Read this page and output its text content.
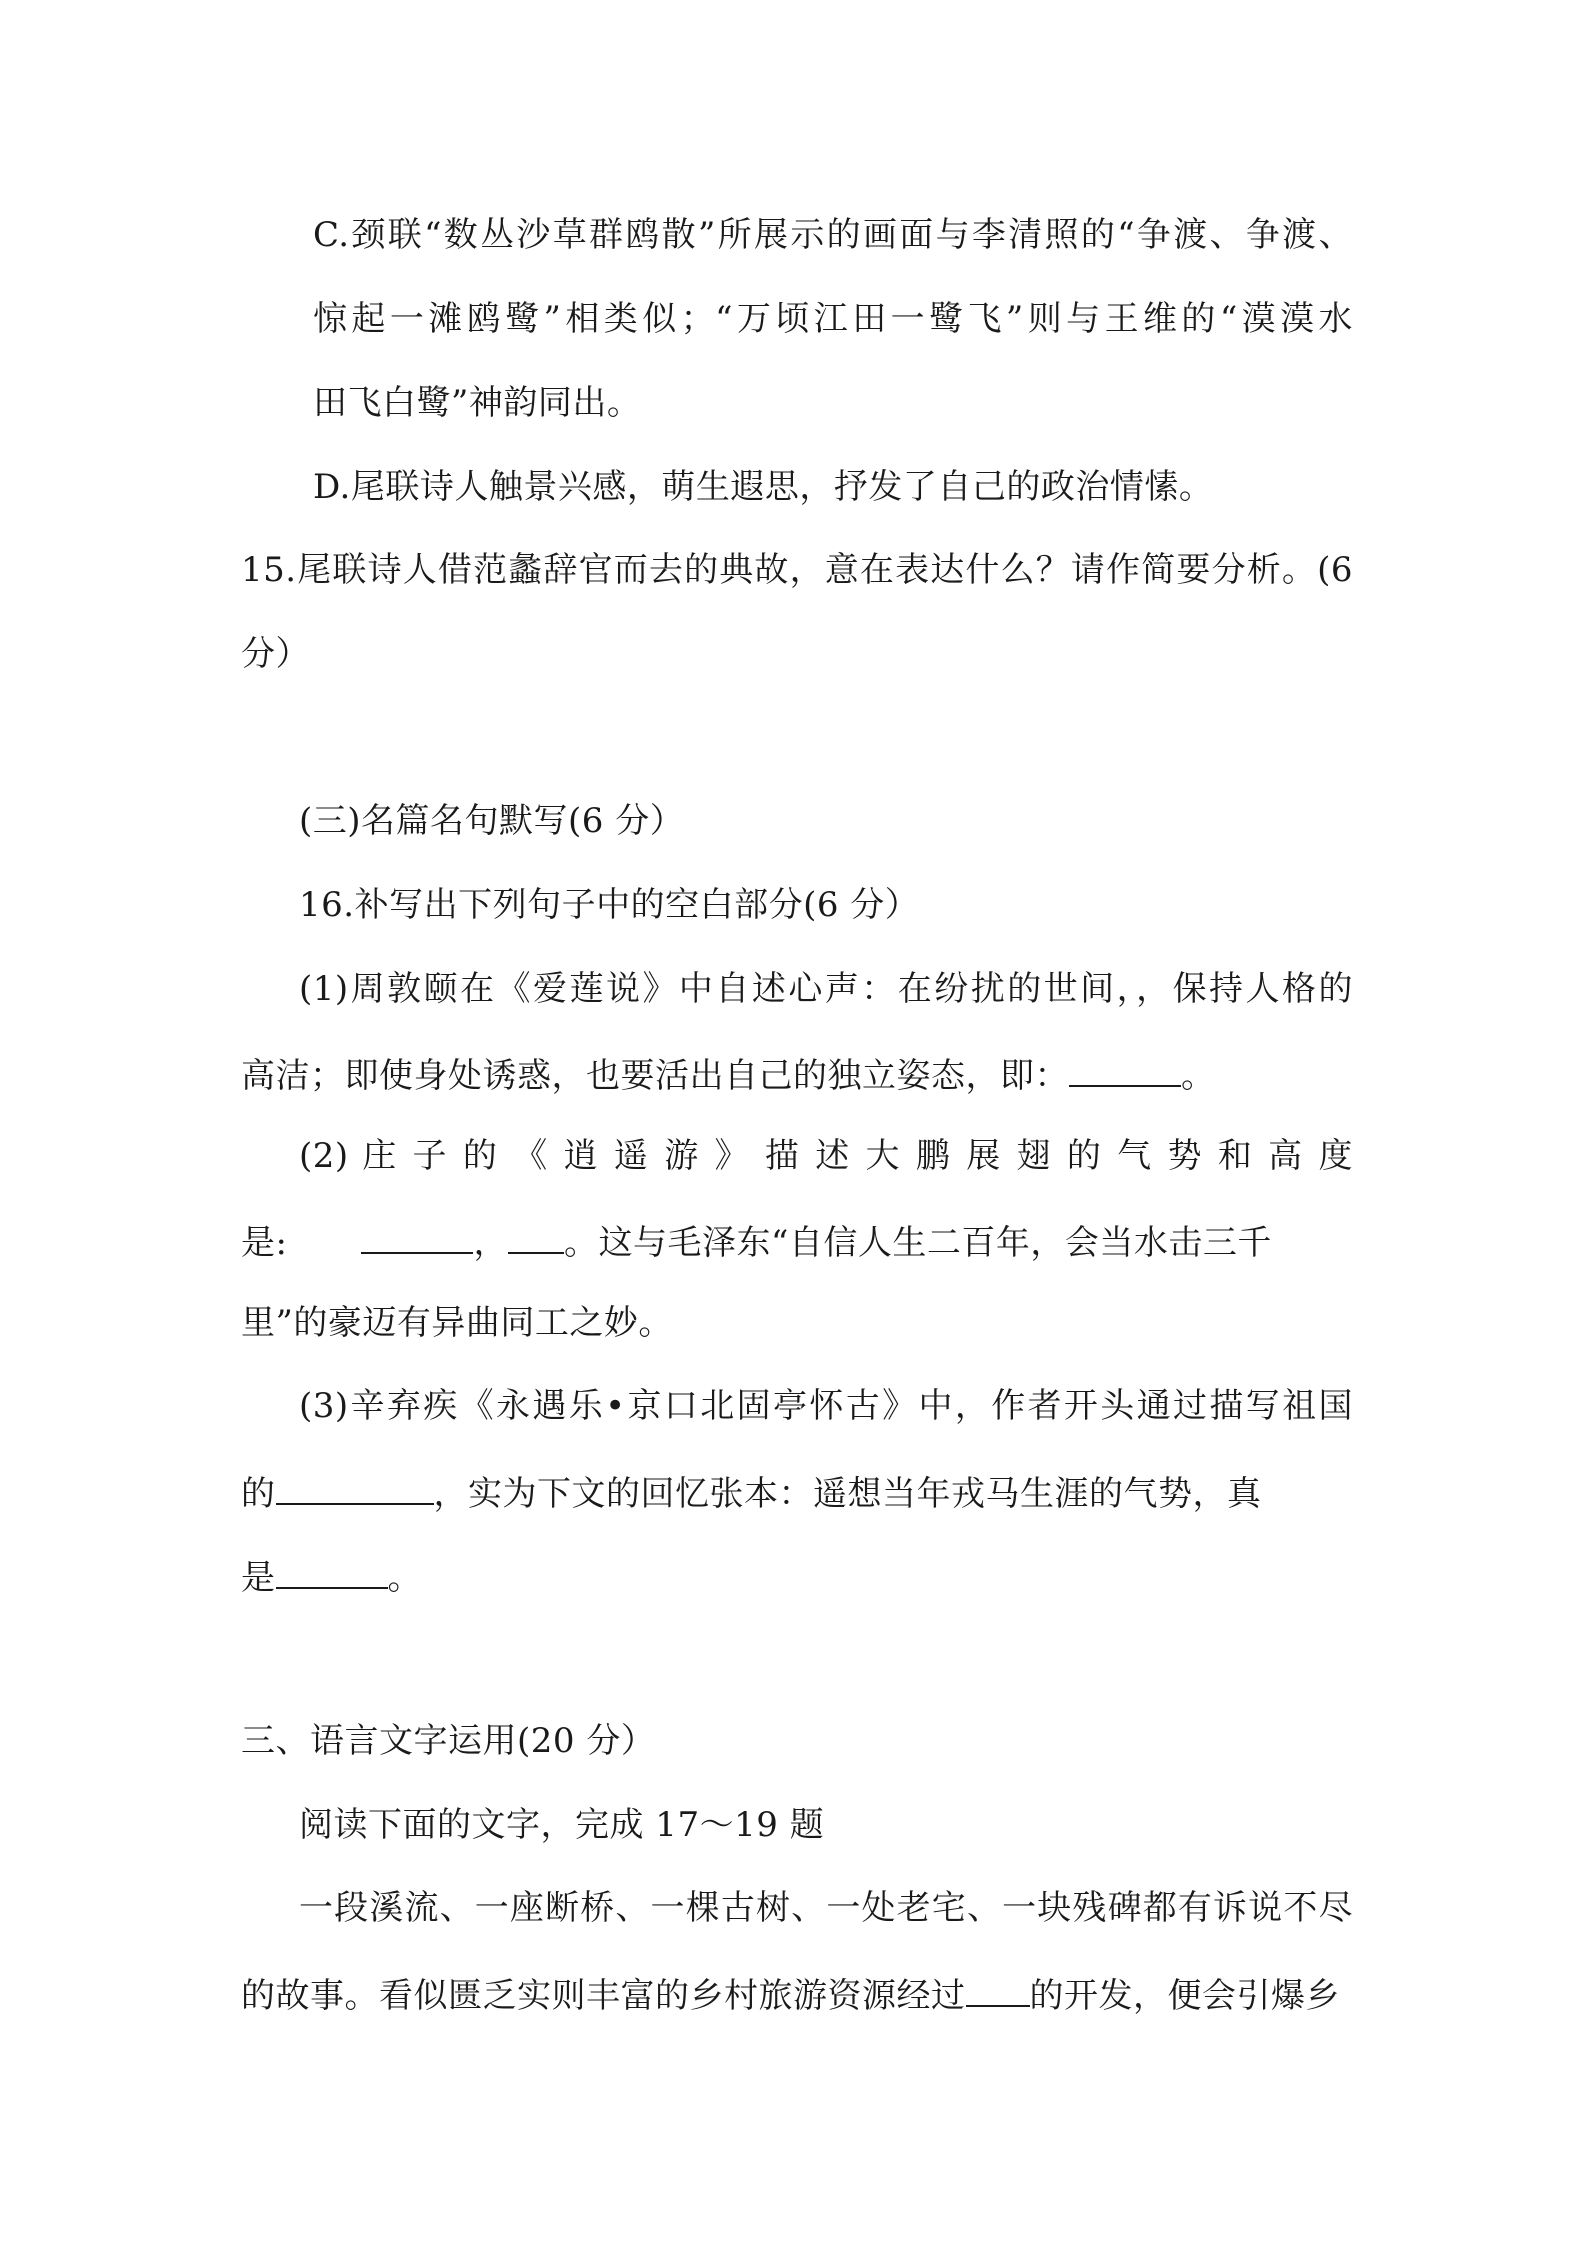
C.颈联“数丛沙草群鸥散”所展示的画面与李清照的“争渡、争渡、
惊起一滩鸥鹭”相类似；“万顷江田一鹭飞”则与王维的“漠漠水
田飞白鹭”神韵同出。
D.尾联诗人触景兴感，萌生遐思，抒发了自己的政治情愫。
15.尾联诗人借范蠡辞官而去的典故，意在表达什么？请作简要分析。(6
分）
(三)名篇名句默写(6 分）
16.补写出下列句子中的空白部分(6 分）
(1)周敦颐在《爱莲说》中自述心声：在纷扰的世间，，保持人格的
高洁；即使身处诱惑，也要活出自己的独立姿态，即：	。
(2) 庄 子 的 《 逍 遥 游 》 描 述 大 鹏 展 翅 的 气 势 和 高 度
是:	， 。这与毛泽东“自信人生二百年，会当水击三千
里”的豪迈有异曲同工之妙。
(3)辛弃疾《永遇乐•京口北固亭怀古》中，作者开头通过描写祖国
的	，实为下文的回忆张本：遥想当年戎马生涯的气势，真
是	。
三、语言文字运用(20 分）
阅读下面的文字，完成 17～19 题
一段溪流、一座断桥、一棵古树、一处老宅、一块残碑都有诉说不尽
的故事。看似匮乏实则丰富的乡村旅游资源经过 的开发，便会引爆乡
